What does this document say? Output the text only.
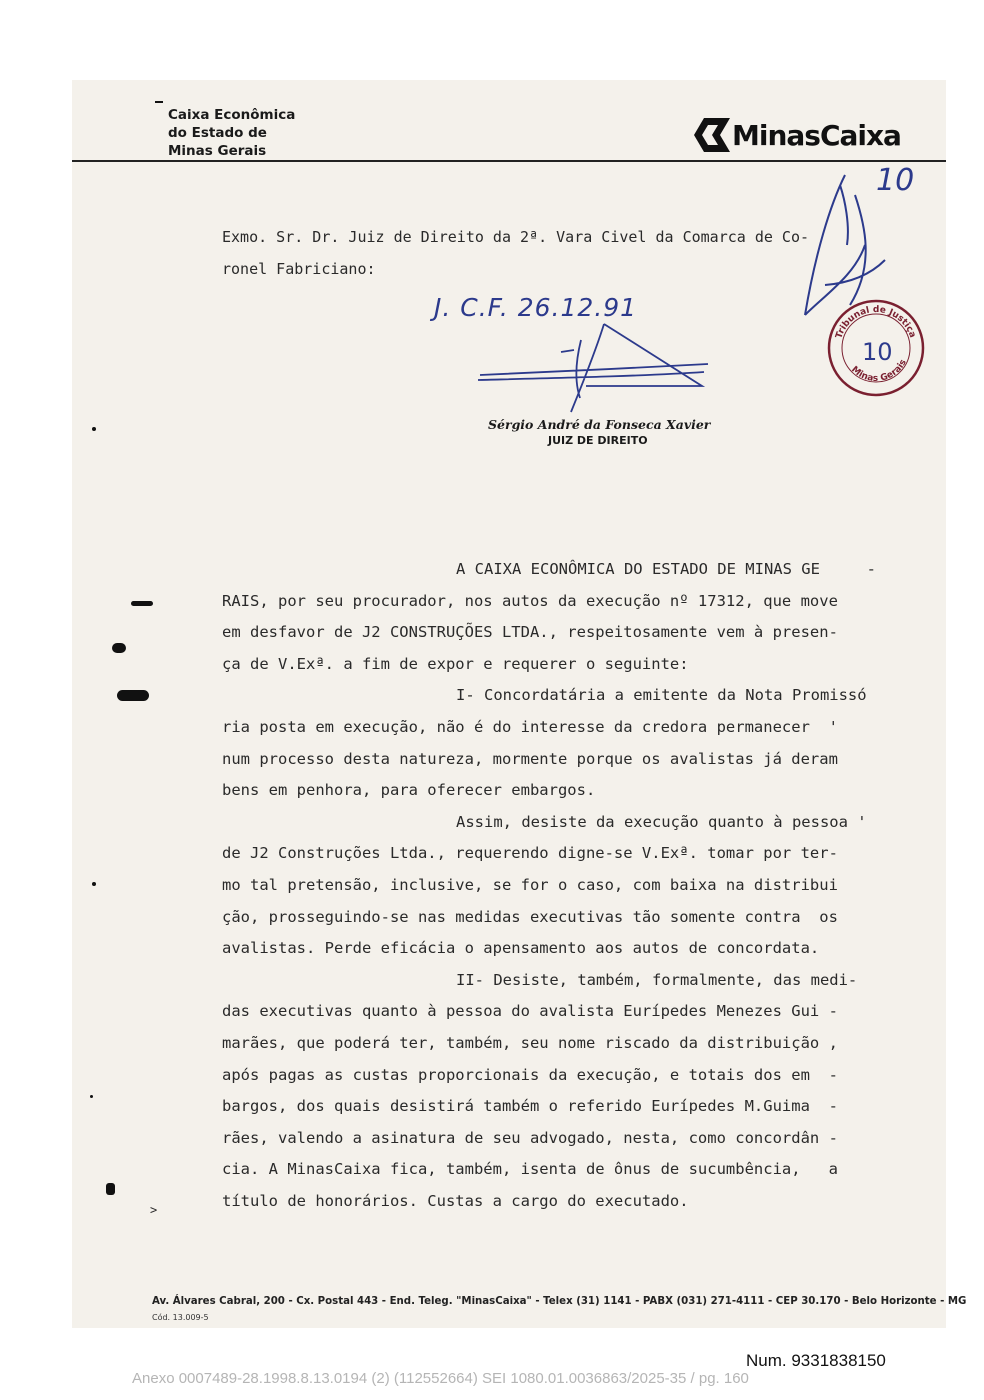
Caixa Econômica
do Estado de
Minas Gerais	MinasCaixa
Exmo. Sr. Dr. Juiz de Direito da 2ª. Vara Civel da Comarca de Co-
ronel Fabriciano:
10
Tribunal de Justiça
Minas Gerais
10
J. C.F. 26.12.91
Sérgio André da Fonseca Xavier
JUIZ DE DIREITO
A CAIXA ECONÔMICA DO ESTADO DE MINAS GE     -
RAIS, por seu procurador, nos autos da execução nº 17312, que move
em desfavor de J2 CONSTRUÇÕES LTDA., respeitosamente vem à presen-
ça de V.Exª. a fim de expor e requerer o seguinte:
I- Concordatária a emitente da Nota Promissó
ria posta em execução, não é do interesse da credora permanecer  '
num processo desta natureza, mormente porque os avalistas já deram
bens em penhora, para oferecer embargos.
Assim, desiste da execução quanto à pessoa '
de J2 Construções Ltda., requerendo digne-se V.Exª. tomar por ter-
mo tal pretensão, inclusive, se for o caso, com baixa na distribui
ção, prosseguindo-se nas medidas executivas tão somente contra  os
avalistas. Perde eficácia o apensamento aos autos de concordata.
II- Desiste, também, formalmente, das medi-
das executivas quanto à pessoa do avalista Eurípedes Menezes Gui -
marães, que poderá ter, também, seu nome riscado da distribuição ,
após pagas as custas proporcionais da execução, e totais dos em  -
bargos, dos quais desistirá também o referido Eurípedes M.Guima  -
rães, valendo a asinatura de seu advogado, nesta, como concordân -
cia. A MinasCaixa fica, também, isenta de ônus de sucumbência,   a
título de honorários. Custas a cargo do executado.
>
Av. Álvares Cabral, 200 - Cx. Postal 443 - End. Teleg. "MinasCaixa" - Telex (31) 1141 - PABX (031) 271-4111 - CEP 30.170 - Belo Horizonte - MG
Cód. 13.009-5
Num. 9331838150
Anexo 0007489-28.1998.8.13.0194 (2) (112552664) SEI 1080.01.0036863/2025-35 / pg. 160
